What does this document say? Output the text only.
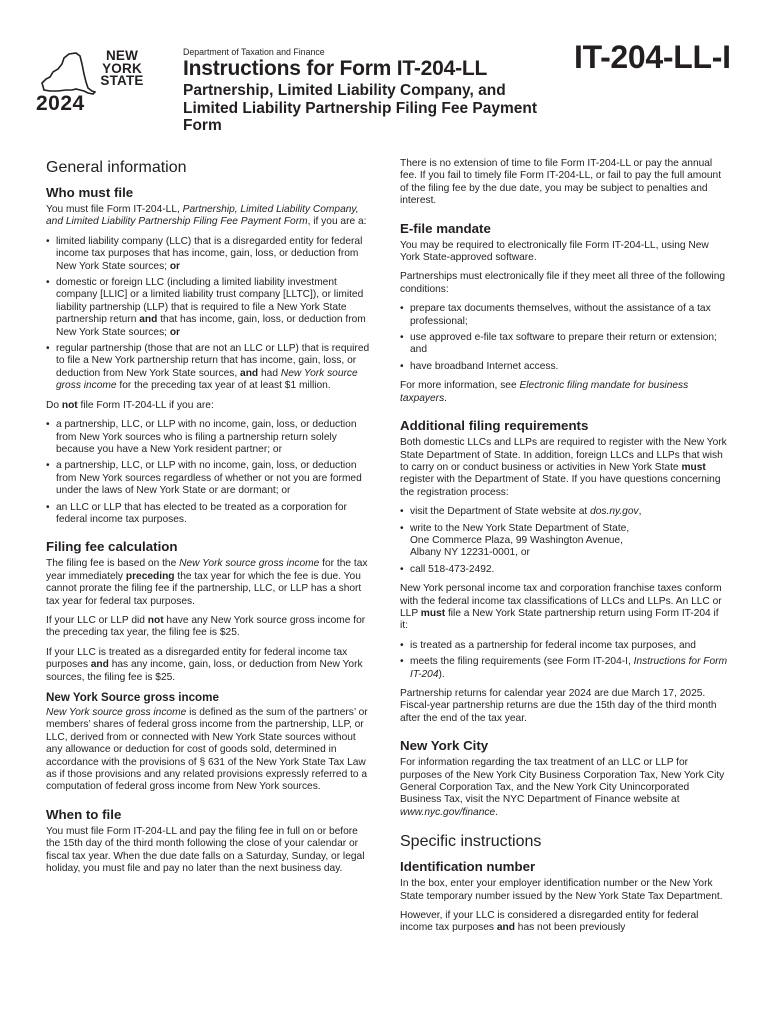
NEW
YORK
STATE
2024
Department of Taxation and Finance	IT-204-LL-I
Instructions for Form IT-204-LL
Partnership, Limited Liability Company, and Limited Liability Partnership Filing Fee Payment Form
General information
Who must file

You must file Form IT-204-LL, Partnership, Limited Liability Company, and Limited Liability Partnership Filing Fee Payment Form, if you are a:

• limited liability company (LLC) that is a disregarded entity for federal income tax purposes that has income, gain, loss, or deduction from New York State sources; or
• domestic or foreign LLC (including a limited liability investment company [LLIC] or a limited liability trust company [LLTC]), or limited liability partnership (LLP) that is required to file a New York State partnership return and that has income, gain, loss, or deduction from New York State sources; or
• regular partnership (those that are not an LLC or LLP) that is required to file a New York partnership return that has income, gain, loss, or deduction from New York State sources, and had New York source gross income for the preceding tax year of at least $1 million.

Do not file Form IT-204-LL if you are:

• a partnership, LLC, or LLP with no income, gain, loss, or deduction from New York sources who is filing a partnership return solely because you have a New York resident partner; or
• a partnership, LLC, or LLP with no income, gain, loss, or deduction from New York sources regardless of whether or not you are formed under the laws of New York State or are dormant; or
• an LLC or LLP that has elected to be treated as a corporation for federal income tax purposes.
Filing fee calculation

The filing fee is based on the New York source gross income for the tax year immediately preceding the tax year for which the fee is due. You cannot prorate the filing fee if the partnership, LLC, or LLP has a short tax year for federal tax purposes.

If your LLC or LLP did not have any New York source gross income for the preceding tax year, the filing fee is $25.

If your LLC is treated as a disregarded entity for federal income tax purposes and has any income, gain, loss, or deduction from New York sources, the filing fee is $25.

New York Source gross income

New York source gross income is defined as the sum of the partners’ or members’ shares of federal gross income from the partnership, LLP, or LLC, derived from or connected with New York State sources without any allowance or deduction for cost of goods sold, determined in accordance with the provisions of § 631 of the New York State Tax Law as if those provisions and any related provisions expressly referred to a computation of federal gross income from New York sources.

When to file

You must file Form IT-204-LL and pay the filing fee in full on or before the 15th day of the third month following the close of your calendar or fiscal tax year. When the due date falls on a Saturday, Sunday, or legal holiday, you must file and pay no later than the next business day.

There is no extension of time to file Form IT-204-LL or pay the annual fee. If you fail to timely file Form IT-204-LL, or fail to pay the full amount of the filing fee by the due date, you may be subject to penalties and interest.

E-file mandate

You may be required to electronically file Form IT-204-LL, using New York State-approved software.

Partnerships must electronically file if they meet all three of the following conditions:

• prepare tax documents themselves, without the assistance of a tax professional;
• use approved e-file tax software to prepare their return or extension; and
• have broadband Internet access.

For more information, see Electronic filing mandate for business taxpayers.

Additional filing requirements

Both domestic LLCs and LLPs are required to register with the New York State Department of State. In addition, foreign LLCs and LLPs that wish to carry on or conduct business or activities in New York State must register with the Department of State. If you have questions concerning the registration process:

• visit the Department of State website at dos.ny.gov,
• write to the New York State Department of State,
One Commerce Plaza, 99 Washington Avenue,
Albany NY 12231-0001, or
• call 518-473-2492.

New York personal income tax and corporation franchise taxes conform with the federal income tax classifications of LLCs and LLPs. An LLC or LLP must file a New York State partnership return using Form IT-204 if it:

• is treated as a partnership for federal income tax purposes, and
• meets the filing requirements (see Form IT-204-I, Instructions for Form IT-204).

Partnership returns for calendar year 2024 are due March 17, 2025. Fiscal-year partnership returns are due the 15th day of the third month after the end of the tax year.

New York City

For information regarding the tax treatment of an LLC or LLP for purposes of the New York City Business Corporation Tax, New York City General Corporation Tax, and the New York City Unincorporated Business Tax, visit the NYC Department of Finance website at www.nyc.gov/finance.

Specific instructions
Identification number

In the box, enter your employer identification number or the New York State temporary number issued by the New York State Tax Department.

However, if your LLC is considered a disregarded entity for federal income tax purposes and has not been previously
